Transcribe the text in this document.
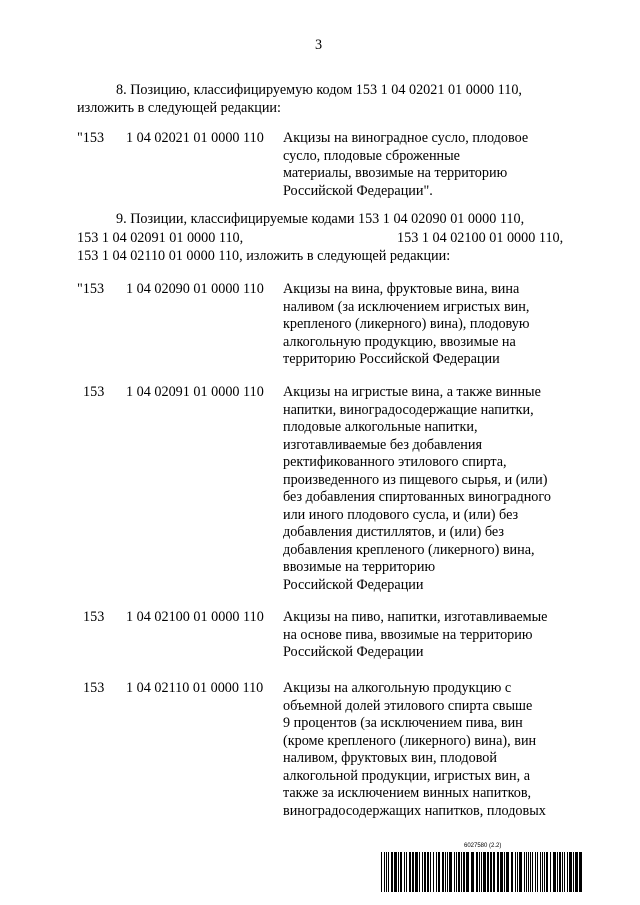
3
8. Позицию, классифицируемую кодом 153 1 04 02021 01 0000 110,
изложить в следующей редакции:
"153 1 04 02021 01 0000 110 Акцизы на виноградное сусло, плодовое
сусло, плодовые сброженные
материалы, ввозимые на территорию
Российской Федерации".
9. Позиции, классифицируемые кодами 153 1 04 02090 01 0000 110,
153 1 04 02091 01 0000 110,	153 1 04 02100 01 0000 110,
153 1 04 02110 01 0000 110, изложить в следующей редакции:
"153 1 04 02090 01 0000 110 Акцизы на вина, фруктовые вина, вина
наливом (за исключением игристых вин,
крепленого (ликерного) вина), плодовую
алкогольную продукцию, ввозимые на
территорию Российской Федерации
153 1 04 02091 01 0000 110 Акцизы на игристые вина, а также винные
напитки, виноградосодержащие напитки,
плодовые алкогольные напитки,
изготавливаемые без добавления
ректификованного этилового спирта,
произведенного из пищевого сырья, и (или)
без добавления спиртованных виноградного
или иного плодового сусла, и (или) без
добавления дистиллятов, и (или) без
добавления крепленого (ликерного) вина,
ввозимые на территорию
Российской Федерации
153 1 04 02100 01 0000 110 Акцизы на пиво, напитки, изготавливаемые
на основе пива, ввозимые на территорию
Российской Федерации
153 1 04 02110 01 0000 110 Акцизы на алкогольную продукцию с
объемной долей этилового спирта свыше
9 процентов (за исключением пива, вин
(кроме крепленого (ликерного) вина), вин
наливом, фруктовых вин, плодовой
алкогольной продукции, игристых вин, а
также за исключением винных напитков,
виноградосодержащих напитков, плодовых
6027580 (2.2)
